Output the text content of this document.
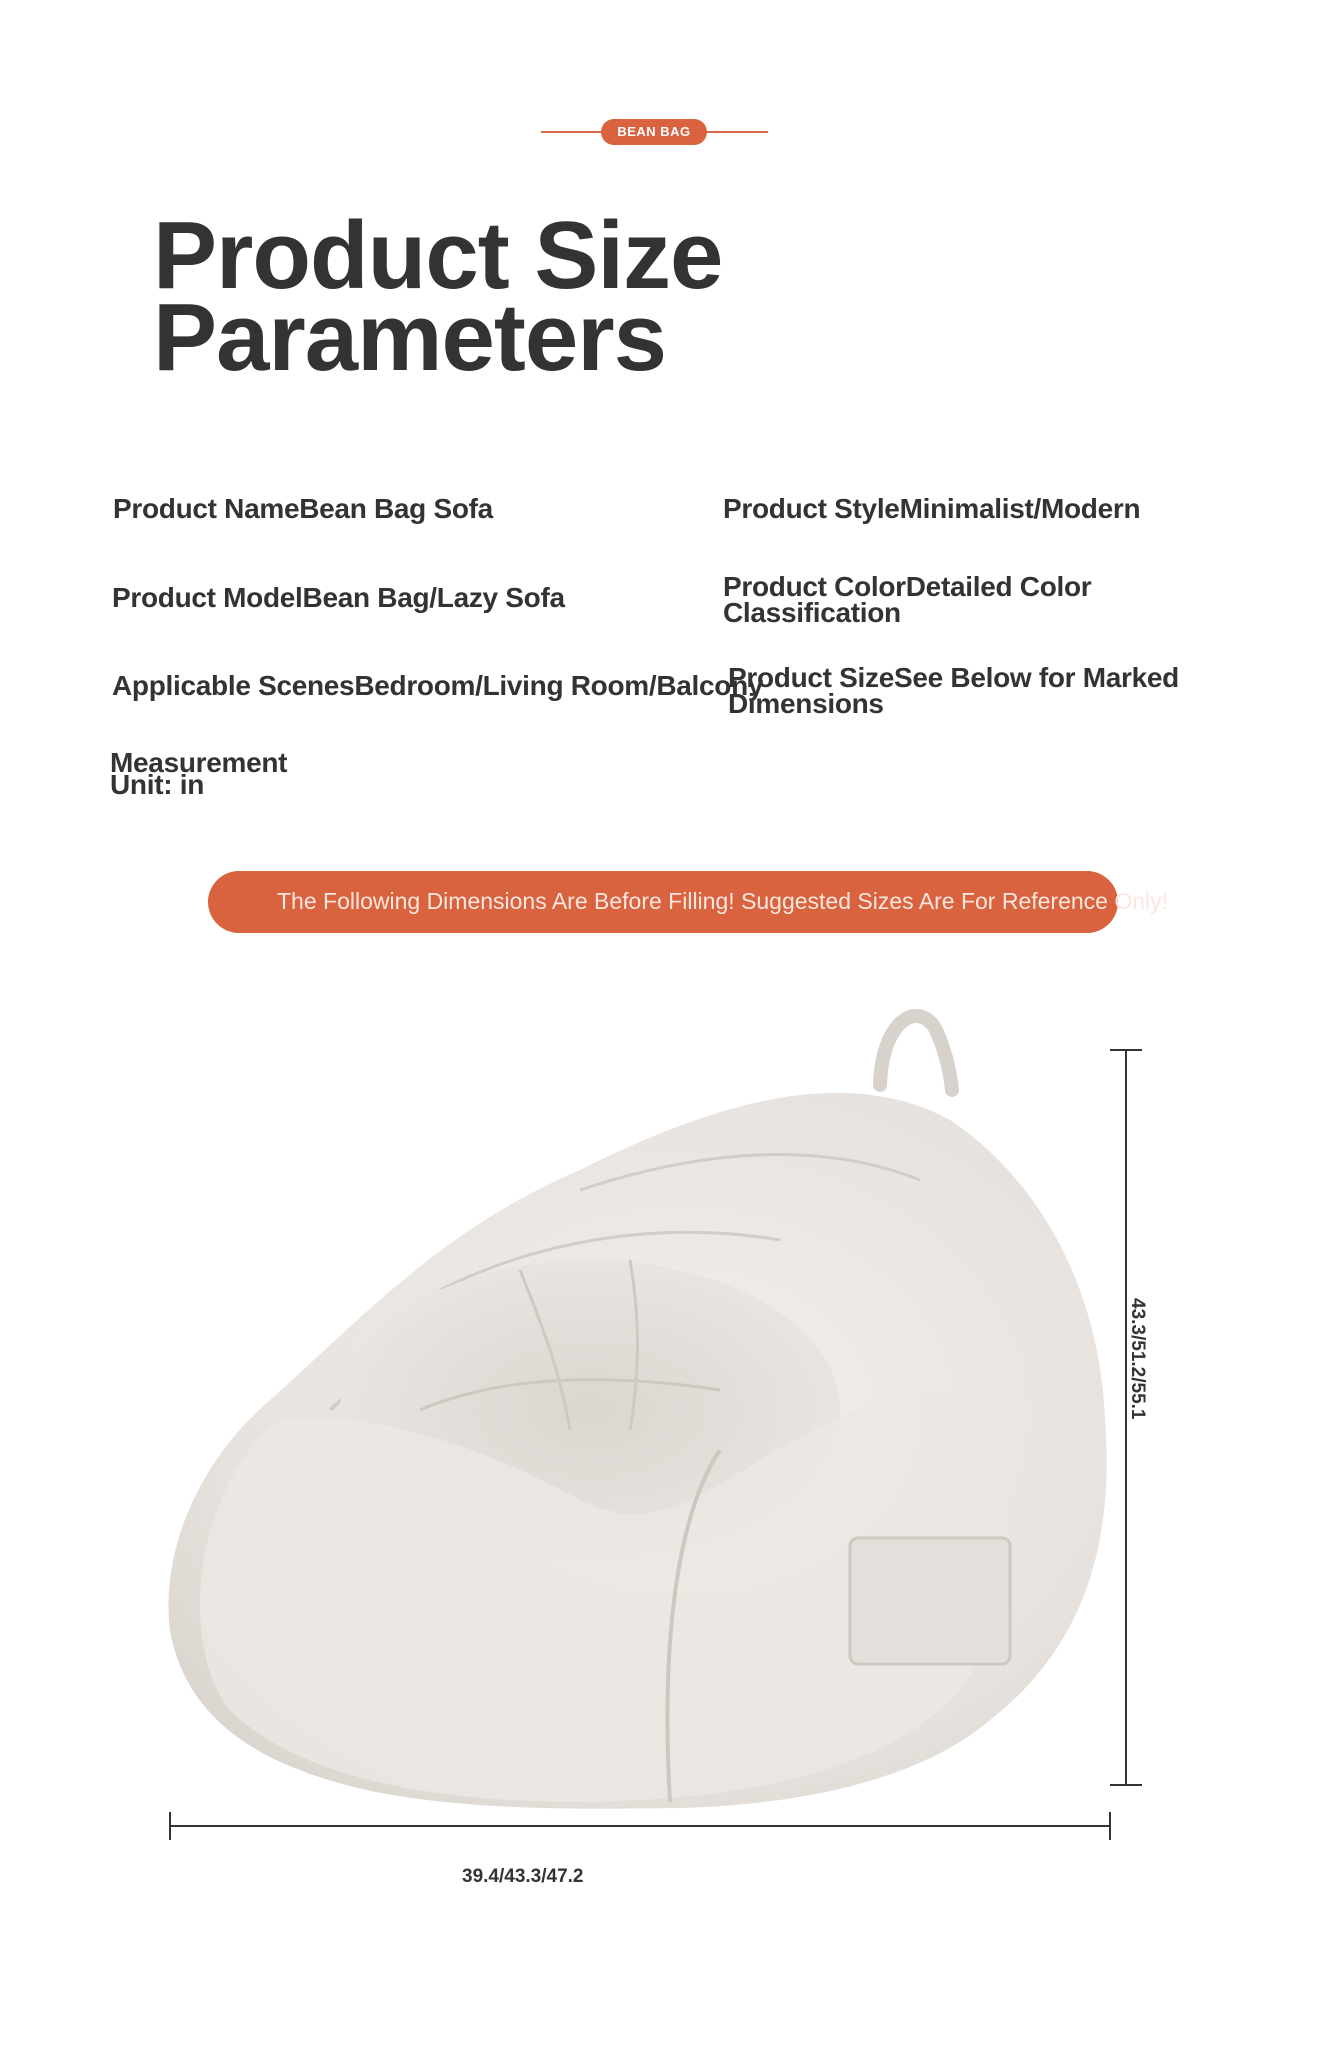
BEAN BAG
Product Size
Parameters
Product NameBean Bag Sofa	Product StyleMinimalist/Modern
Product ModelBean Bag/Lazy Sofa	Product ColorDetailed Color
Classification
Applicable ScenesBedroom/Living Room/Balcony
Product SizeSee Below for Marked
Dimensions
Measurement
Unit: in
The Following Dimensions Are Before Filling! Suggested Sizes Are For Reference Only!
43.3/51.2/55.1
39.4/43.3/47.2
